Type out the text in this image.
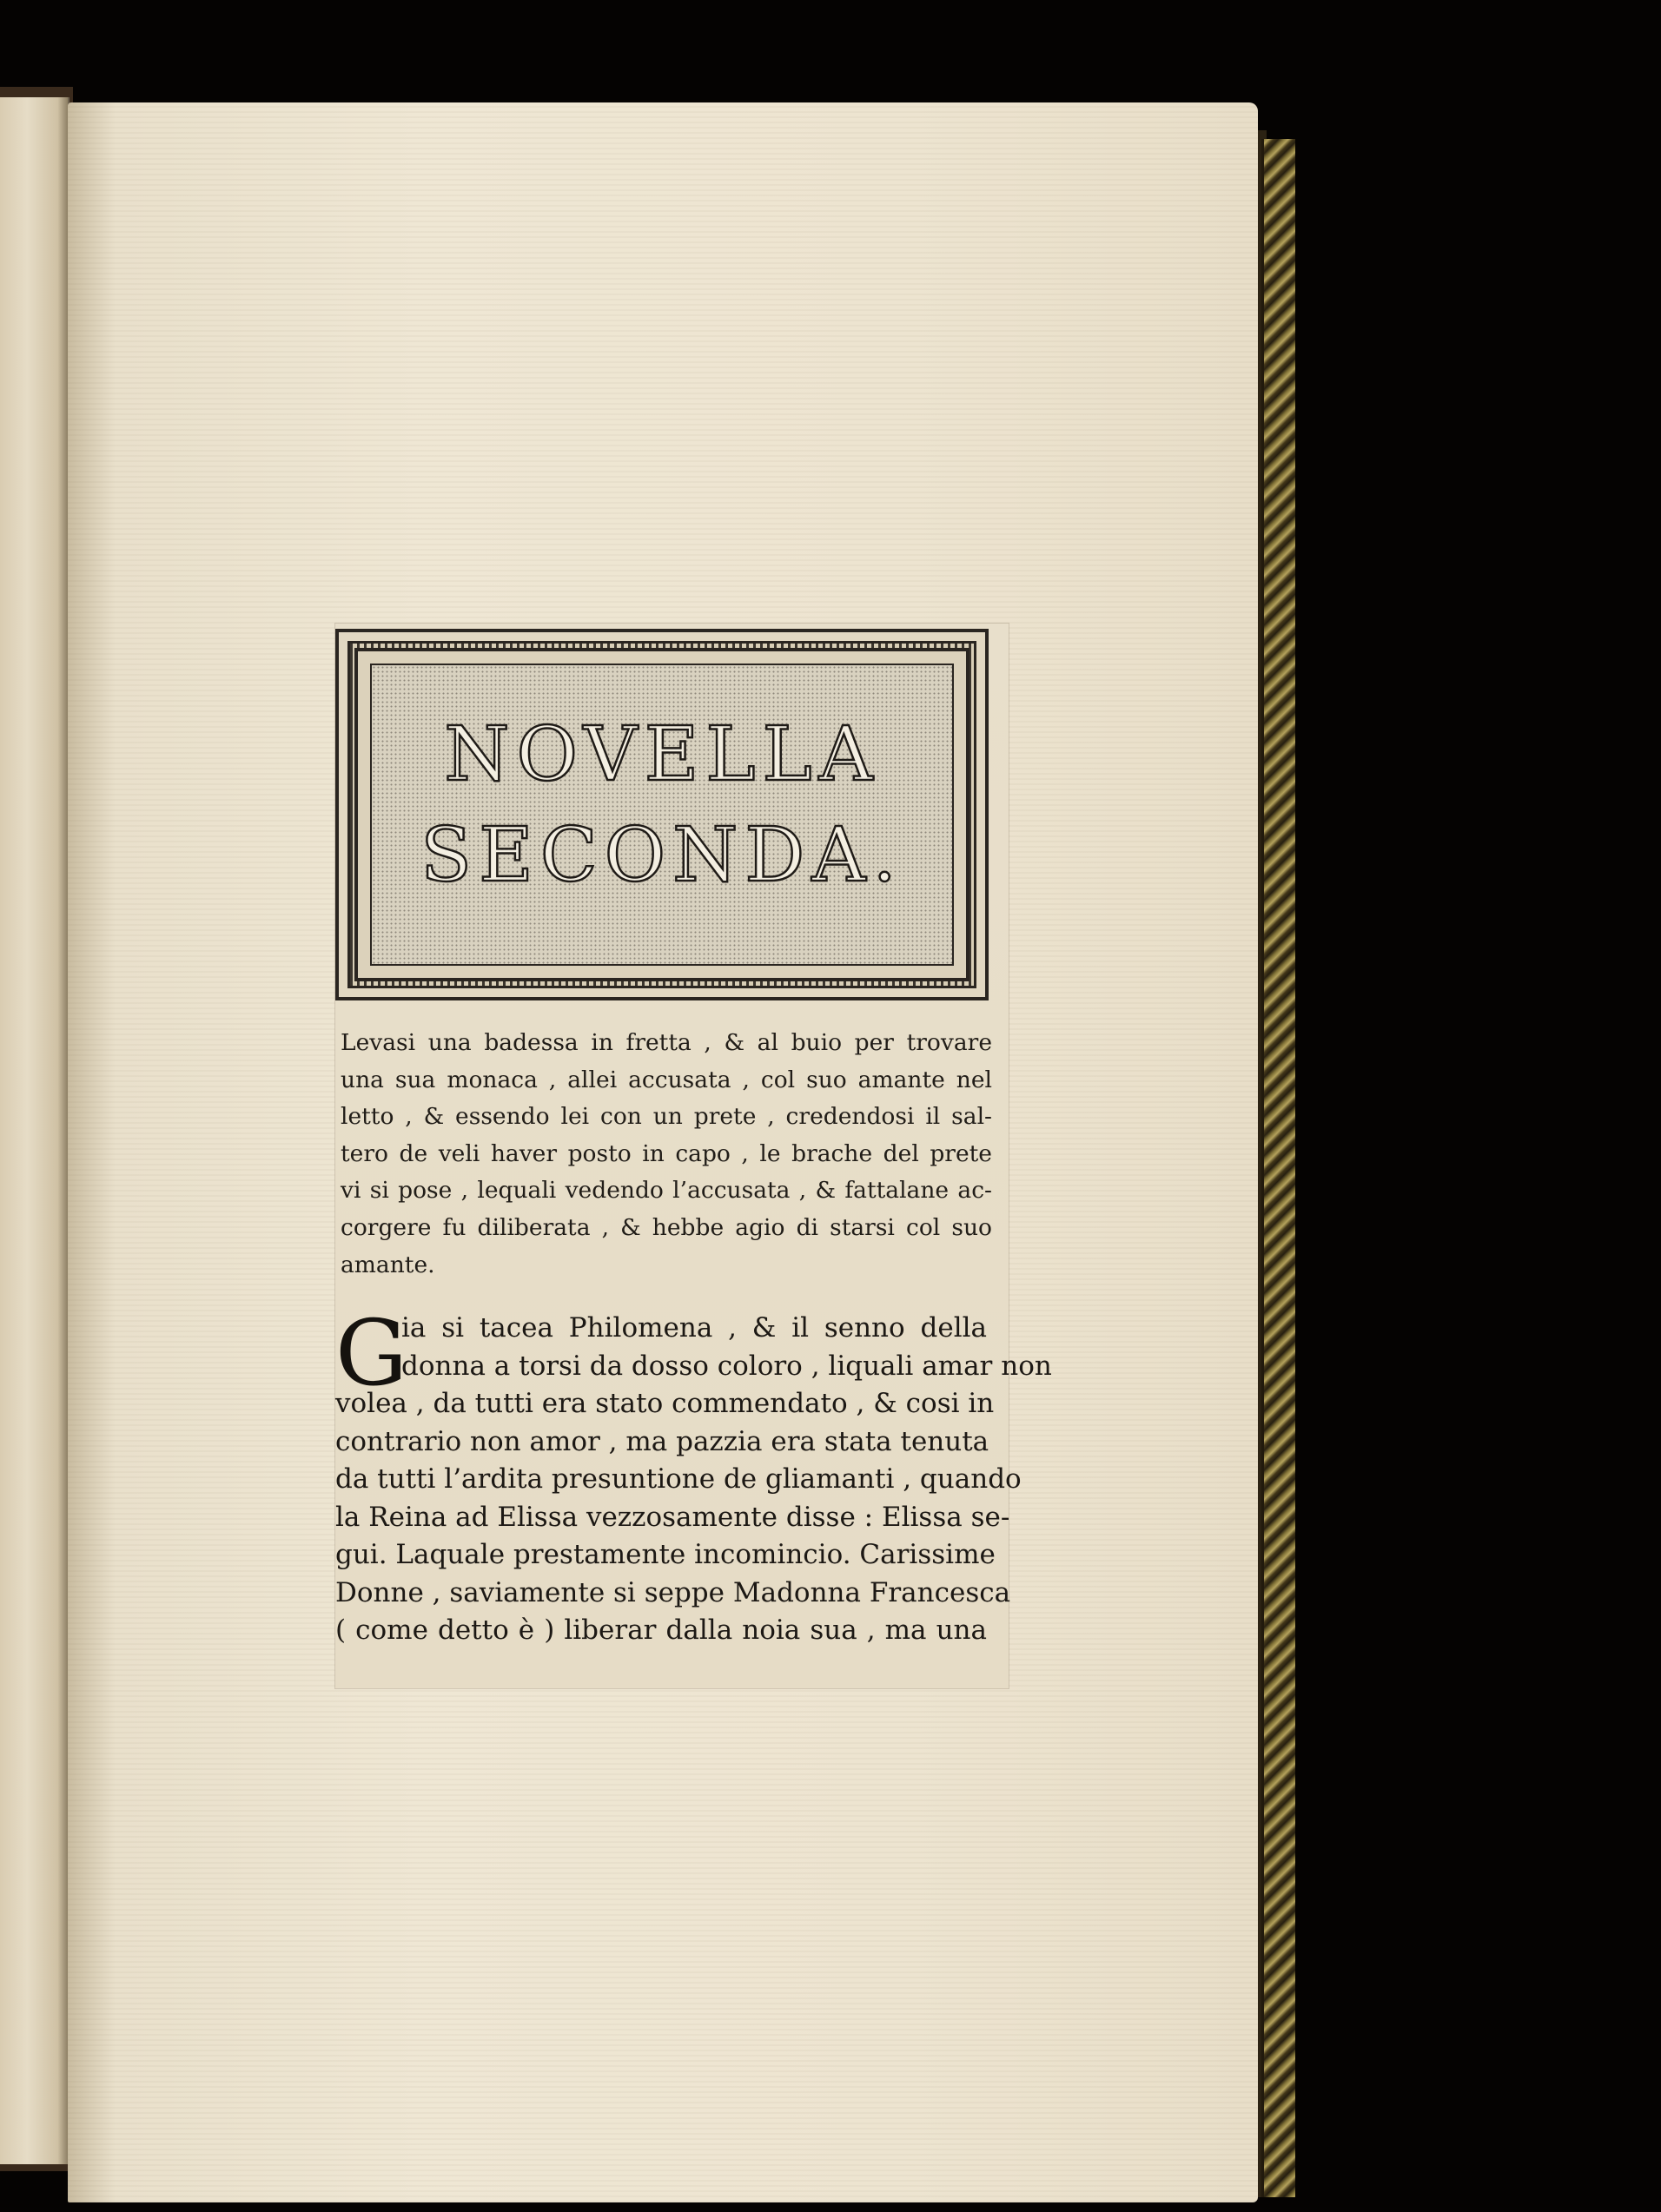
NOVELLA
SECONDA.

Levasi una badessa in fretta , & al buio per trovare
una sua monaca , allei accusata , col suo amante nel
letto , & essendo lei con un prete , credendosi il sal-
tero de veli haver posto in capo , le brache del prete
vi si pose , lequali vedendo l’accusata , & fattalane ac-
corgere fu diliberata , & hebbe agio di starsi col suo
amante.

G
ia si tacea Philomena , & il senno della
donna a torsi da dosso coloro , liquali amar non
volea , da tutti era stato commendato , & cosi in
contrario non amor , ma pazzia era stata tenuta
da tutti l’ardita presuntione de gliamanti , quando
la Reina ad Elissa vezzosamente disse : Elissa se-
gui. Laquale prestamente incomincio. Carissime
Donne , saviamente si seppe Madonna Francesca
( come detto è ) liberar dalla noia sua , ma una
